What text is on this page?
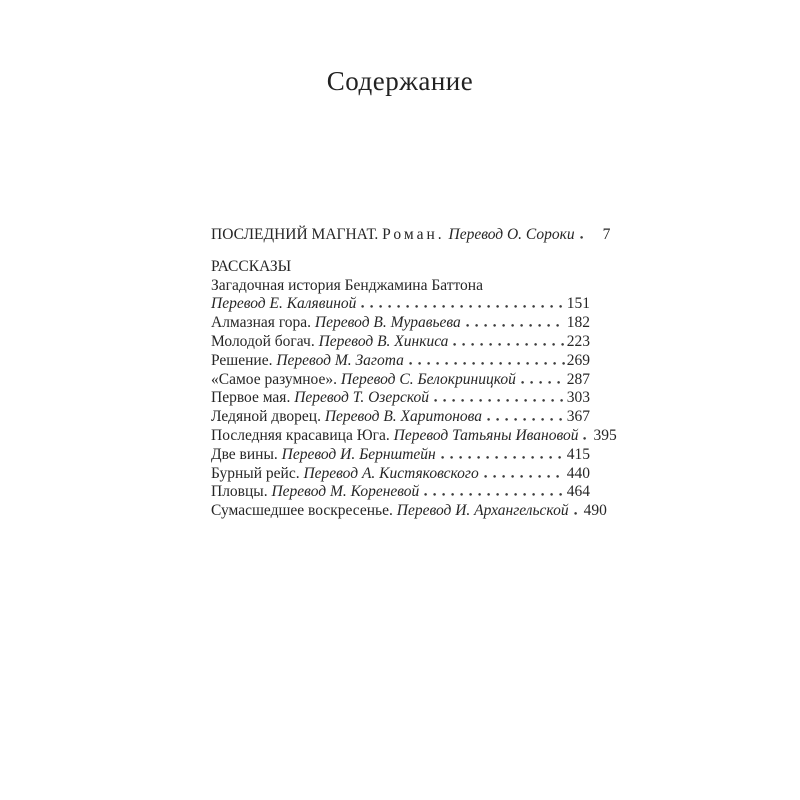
Содержание
ПОСЛЕДНИЙ МАГНАТ. Роман. Перевод О. Сороки 7
РАССКАЗЫ
Загадочная история Бенджамина Баттона
Перевод Е. Калявиной	151
Алмазная гора. Перевод В. Муравьева	182
Молодой богач. Перевод В. Хинкиса	223
Решение. Перевод М. Загота	269
«Самое разумное». Перевод С. Белокриницкой	287
Первое мая. Перевод Т. Озерской	303
Ледяной дворец. Перевод В. Харитонова	367
Последняя красавица Юга. Перевод Татьяны Ивановой 395
Две вины. Перевод И. Бернштейн	415
Бурный рейс. Перевод А. Кистяковского	440
Пловцы. Перевод М. Кореневой	464
Сумасшедшее воскресенье. Перевод И. Архангельской 490
